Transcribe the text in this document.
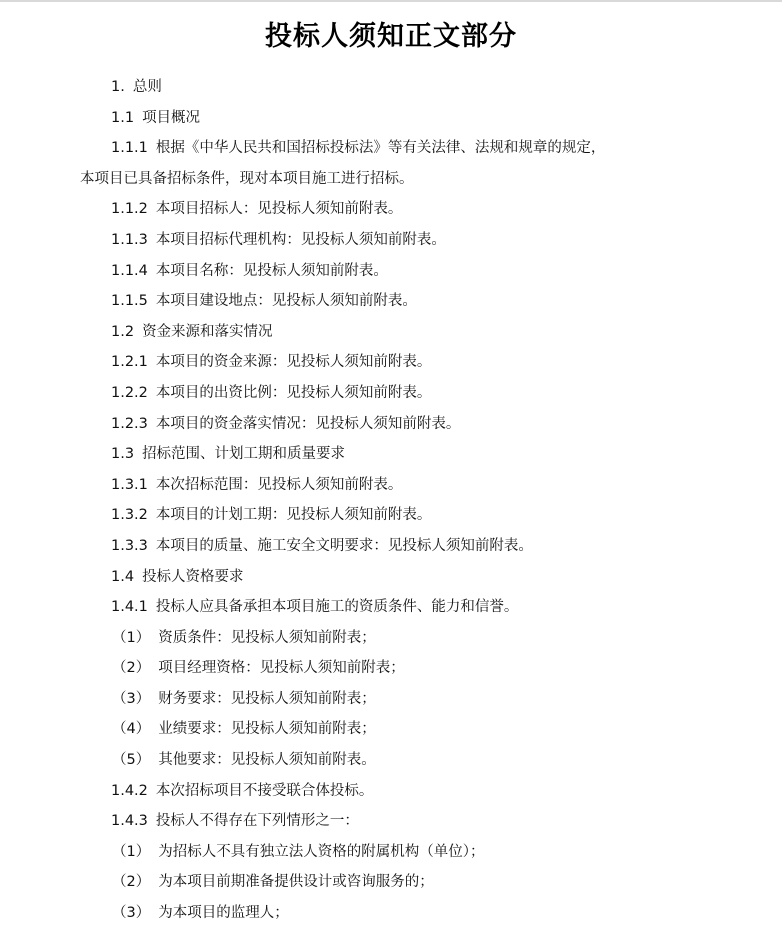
投标人须知正文部分
1. 总则
1.1 项目概况
1.1.1 根据《中华人民共和国招标投标法》等有关法律、法规和规章的规定，
本项目已具备招标条件，现对本项目施工进行招标。
1.1.2 本项目招标人：见投标人须知前附表。
1.1.3 本项目招标代理机构：见投标人须知前附表。
1.1.4 本项目名称：见投标人须知前附表。
1.1.5 本项目建设地点：见投标人须知前附表。
1.2 资金来源和落实情况
1.2.1 本项目的资金来源：见投标人须知前附表。
1.2.2 本项目的出资比例：见投标人须知前附表。
1.2.3 本项目的资金落实情况：见投标人须知前附表。
1.3 招标范围、计划工期和质量要求
1.3.1 本次招标范围：见投标人须知前附表。
1.3.2 本项目的计划工期：见投标人须知前附表。
1.3.3 本项目的质量、施工安全文明要求：见投标人须知前附表。
1.4 投标人资格要求
1.4.1 投标人应具备承担本项目施工的资质条件、能力和信誉。
（1） 资质条件：见投标人须知前附表；
（2） 项目经理资格：见投标人须知前附表；
（3） 财务要求：见投标人须知前附表；
（4） 业绩要求：见投标人须知前附表；
（5） 其他要求：见投标人须知前附表。
1.4.2 本次招标项目不接受联合体投标。
1.4.3 投标人不得存在下列情形之一：
（1） 为招标人不具有独立法人资格的附属机构（单位）；
（2） 为本项目前期准备提供设计或咨询服务的；
（3） 为本项目的监理人；
